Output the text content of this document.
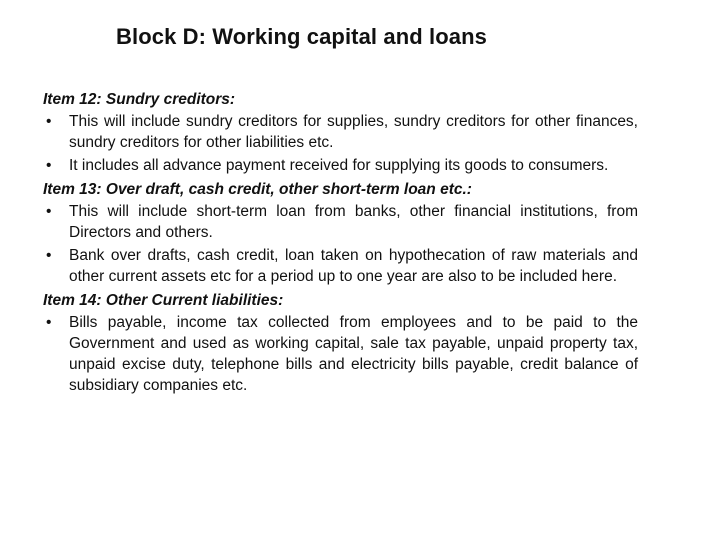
Block D: Working capital and loans

Item 12: Sundry creditors:

• This will include sundry creditors for supplies, sundry creditors for other finances, sundry creditors for other liabilities etc.
• It includes all advance payment received for supplying its goods to consumers.

Item 13: Over draft, cash credit, other short-term loan etc.:

• This will include short-term loan from banks, other financial institutions, from Directors and others.
• Bank over drafts, cash credit, loan taken on hypothecation of raw materials and other current assets etc for a period up to one year are also to be included here.

Item 14: Other Current liabilities:

• Bills payable, income tax collected from employees and to be paid to the Government and used as working capital, sale tax payable, unpaid property tax, unpaid excise duty, telephone bills and electricity bills payable, credit balance of subsidiary companies etc.
